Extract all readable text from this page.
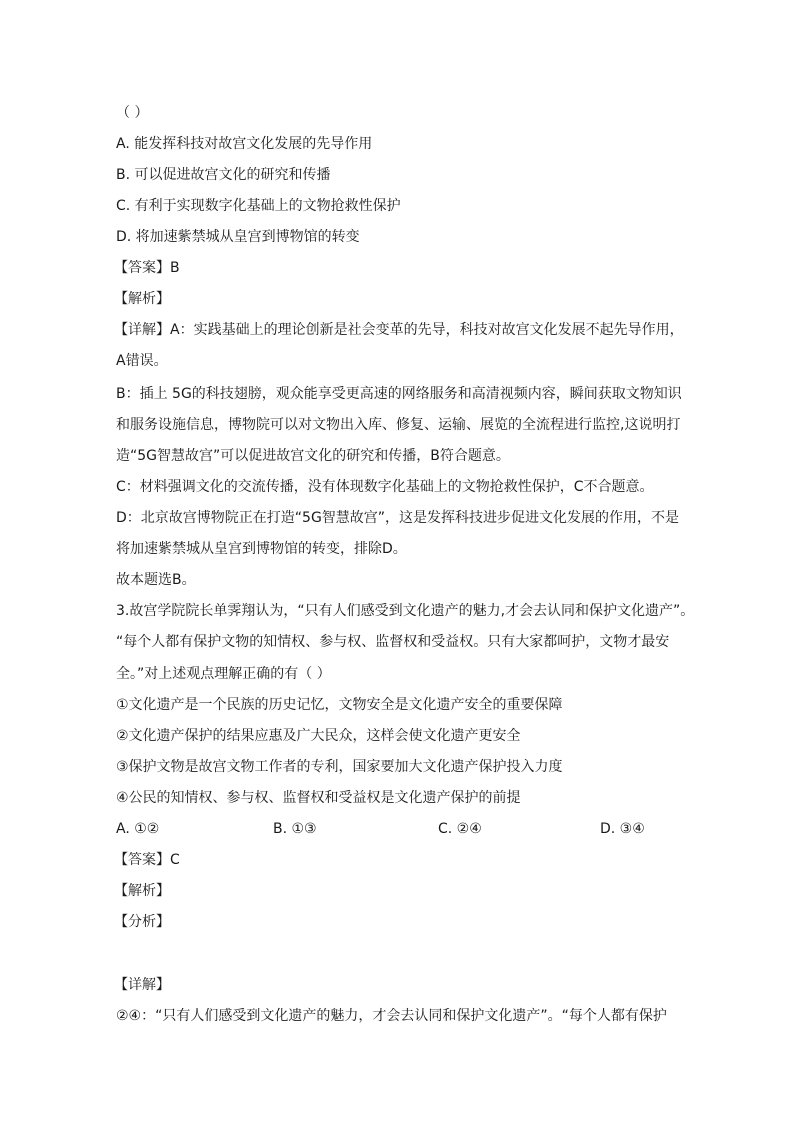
（ ）
A. 能发挥科技对故宫文化发展的先导作用
B. 可以促进故宫文化的研究和传播
C. 有利于实现数字化基础上的文物抢救性保护
D. 将加速紫禁城从皇宫到博物馆的转变
【答案】B
【解析】
【详解】A：实践基础上的理论创新是社会变革的先导，科技对故宫文化发展不起先导作用，
A错误。
B：插上 5G的科技翅膀，观众能享受更高速的网络服务和高清视频内容，瞬间获取文物知识
和服务设施信息，博物院可以对文物出入库、修复、运输、展览的全流程进行监控,这说明打
造“5G智慧故宫”可以促进故宫文化的研究和传播，B符合题意。
C：材料强调文化的交流传播，没有体现数字化基础上的文物抢救性保护，C不合题意。
D：北京故宫博物院正在打造“5G智慧故宫”，这是发挥科技进步促进文化发展的作用，不是
将加速紫禁城从皇宫到博物馆的转变，排除D。
故本题选B。
3.故宫学院院长单霁翔认为，“只有人们感受到文化遗产的魅力,才会去认同和保护文化遗产”。
“每个人都有保护文物的知情权、参与权、监督权和受益权。只有大家都呵护，文物才最安
全。”对上述观点理解正确的有（ ）
①文化遗产是一个民族的历史记忆，文物安全是文化遗产安全的重要保障
②文化遗产保护的结果应惠及广大民众，这样会使文化遗产更安全
③保护文物是故宫文物工作者的专利，国家要加大文化遗产保护投入力度
④公民的知情权、参与权、监督权和受益权是文化遗产保护的前提
A. ①②	B. ①③	C. ②④	D. ③④
【答案】C
【解析】
【分析】
【详解】
②④：“只有人们感受到文化遗产的魅力，才会去认同和保护文化遗产”。“每个人都有保护
